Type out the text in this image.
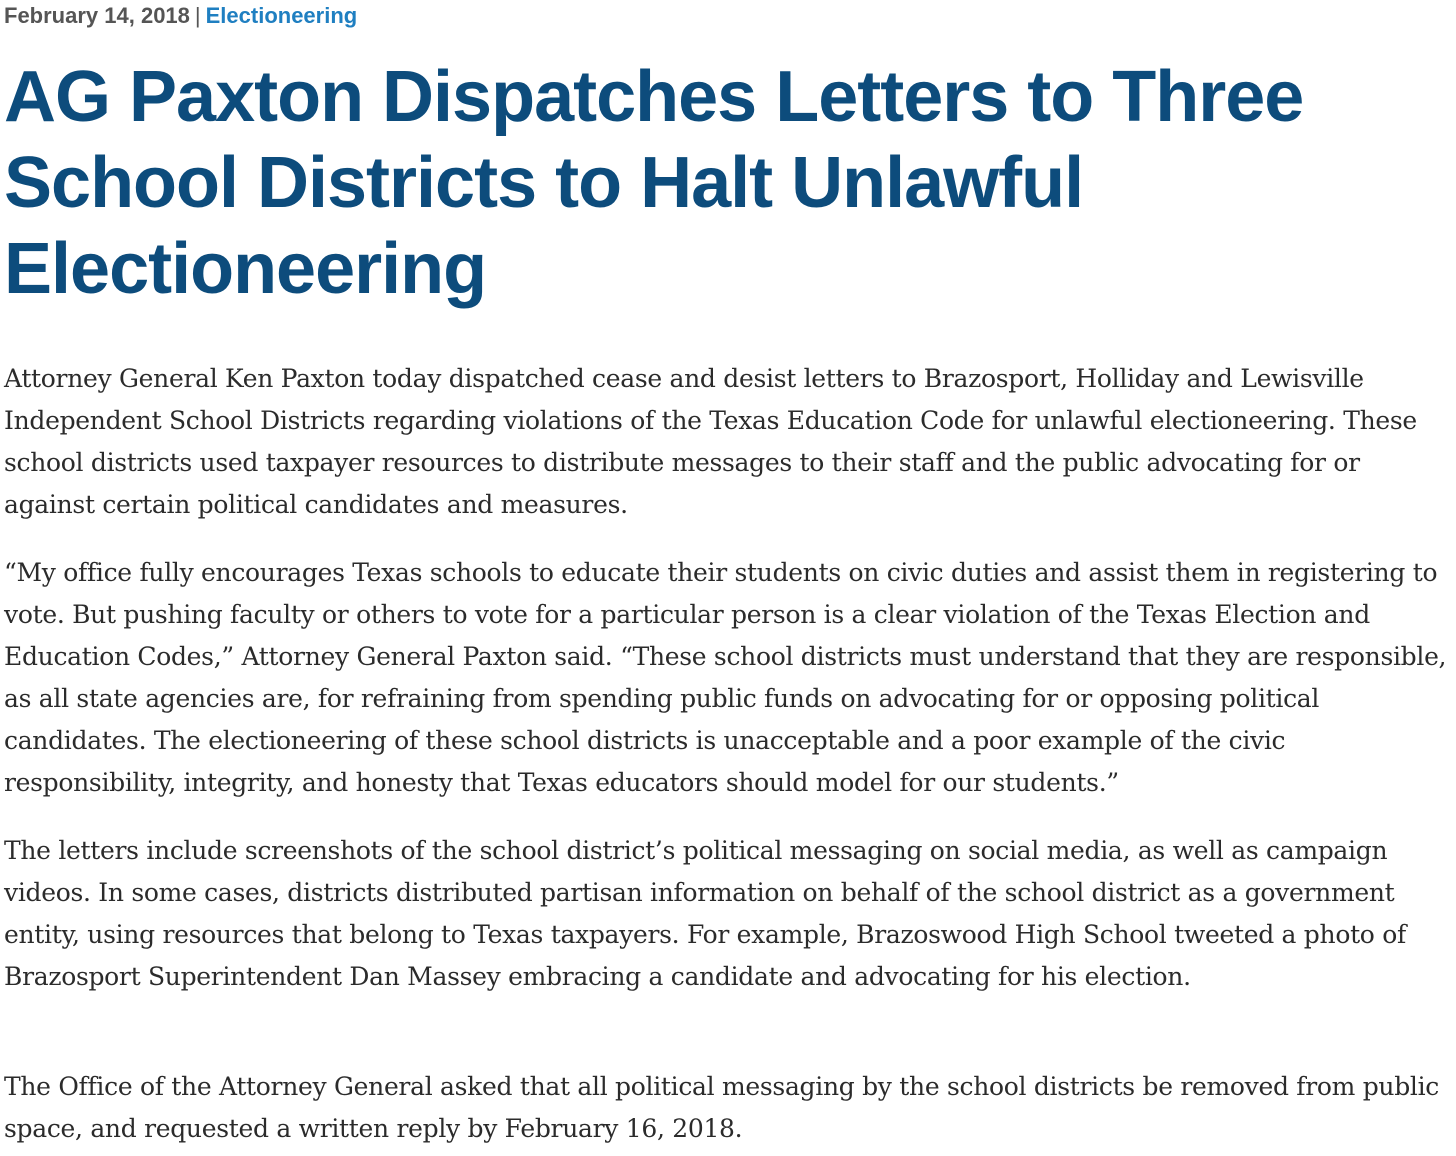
February 14, 2018 | Electioneering
AG Paxton Dispatches Letters to Three School Districts to Halt Unlawful Electioneering

Attorney General Ken Paxton today dispatched cease and desist letters to Brazosport, Holliday and Lewisville Independent School Districts regarding violations of the Texas Education Code for unlawful electioneering. These school districts used taxpayer resources to distribute messages to their staff and the public advocating for or against certain political candidates and measures.

“My office fully encourages Texas schools to educate their students on civic duties and assist them in registering to vote. But pushing faculty or others to vote for a particular person is a clear violation of the Texas Election and Education Codes,” Attorney General Paxton said. “These school districts must understand that they are responsible, as all state agencies are, for refraining from spending public funds on advocating for or opposing political candidates. The electioneering of these school districts is unacceptable and a poor example of the civic responsibility, integrity, and honesty that Texas educators should model for our students.”

The letters include screenshots of the school district’s political messaging on social media, as well as campaign videos. In some cases, districts distributed partisan information on behalf of the school district as a government entity, using resources that belong to Texas taxpayers. For example, Brazoswood High School tweeted a photo of Brazosport Superintendent Dan Massey embracing a candidate and advocating for his election.

The Office of the Attorney General asked that all political messaging by the school districts be removed from public space, and requested a written reply by February 16, 2018.
